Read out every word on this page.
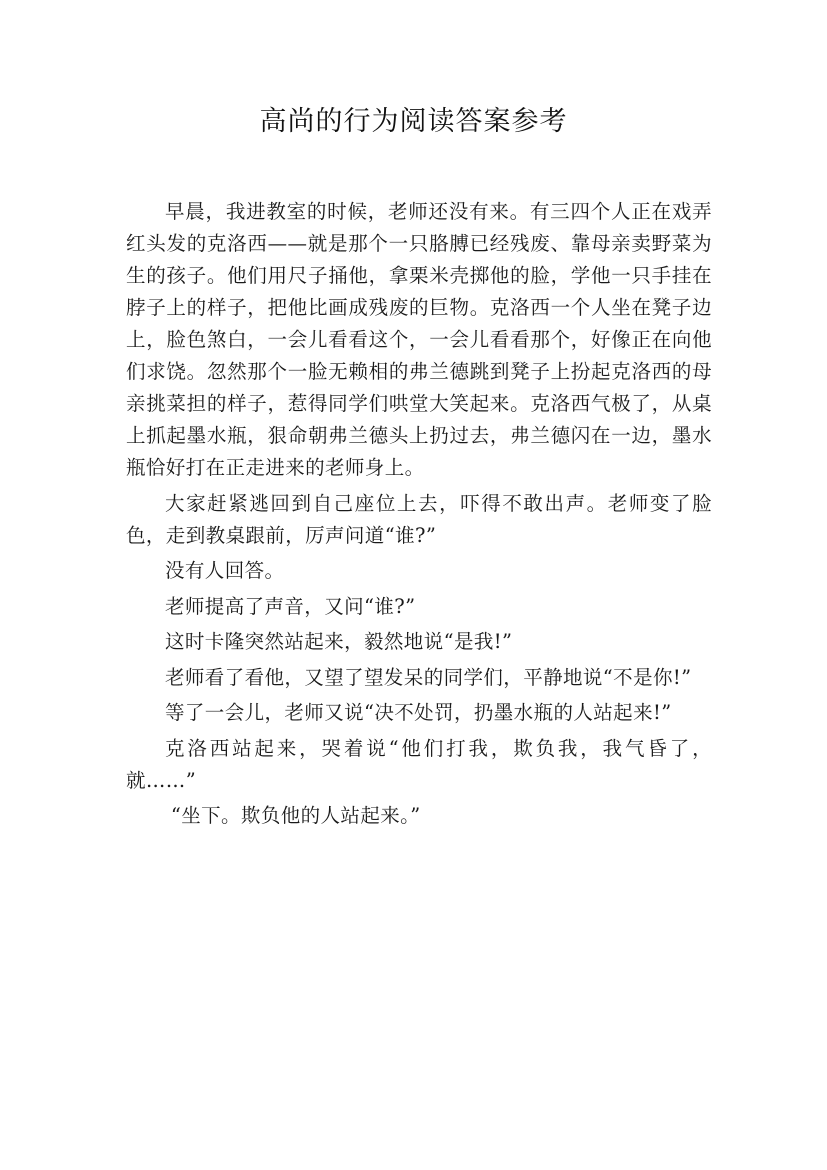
高尚的行为阅读答案参考

早晨，我进教室的时候，老师还没有来。有三四个人正在戏弄红头发的克洛西——就是那个一只胳膊已经残废、靠母亲卖野菜为生的孩子。他们用尺子捅他，拿栗米壳掷他的脸，学他一只手挂在脖子上的样子，把他比画成残废的巨物。克洛西一个人坐在凳子边上，脸色煞白，一会儿看看这个，一会儿看看那个，好像正在向他们求饶。忽然那个一脸无赖相的弗兰德跳到凳子上扮起克洛西的母亲挑菜担的样子，惹得同学们哄堂大笑起来。克洛西气极了，从桌上抓起墨水瓶，狠命朝弗兰德头上扔过去，弗兰德闪在一边，墨水瓶恰好打在正走进来的老师身上。

大家赶紧逃回到自己座位上去，吓得不敢出声。老师变了脸色，走到教桌跟前，厉声问道“谁?”

没有人回答。

老师提高了声音，又问“谁?”

这时卡隆突然站起来，毅然地说“是我!”

老师看了看他，又望了望发呆的同学们，平静地说“不是你!”

等了一会儿，老师又说“决不处罚，扔墨水瓶的人站起来!”

克洛西站起来，哭着说“他们打我，欺负我，我气昏了，就……”

“坐下。欺负他的人站起来。”
